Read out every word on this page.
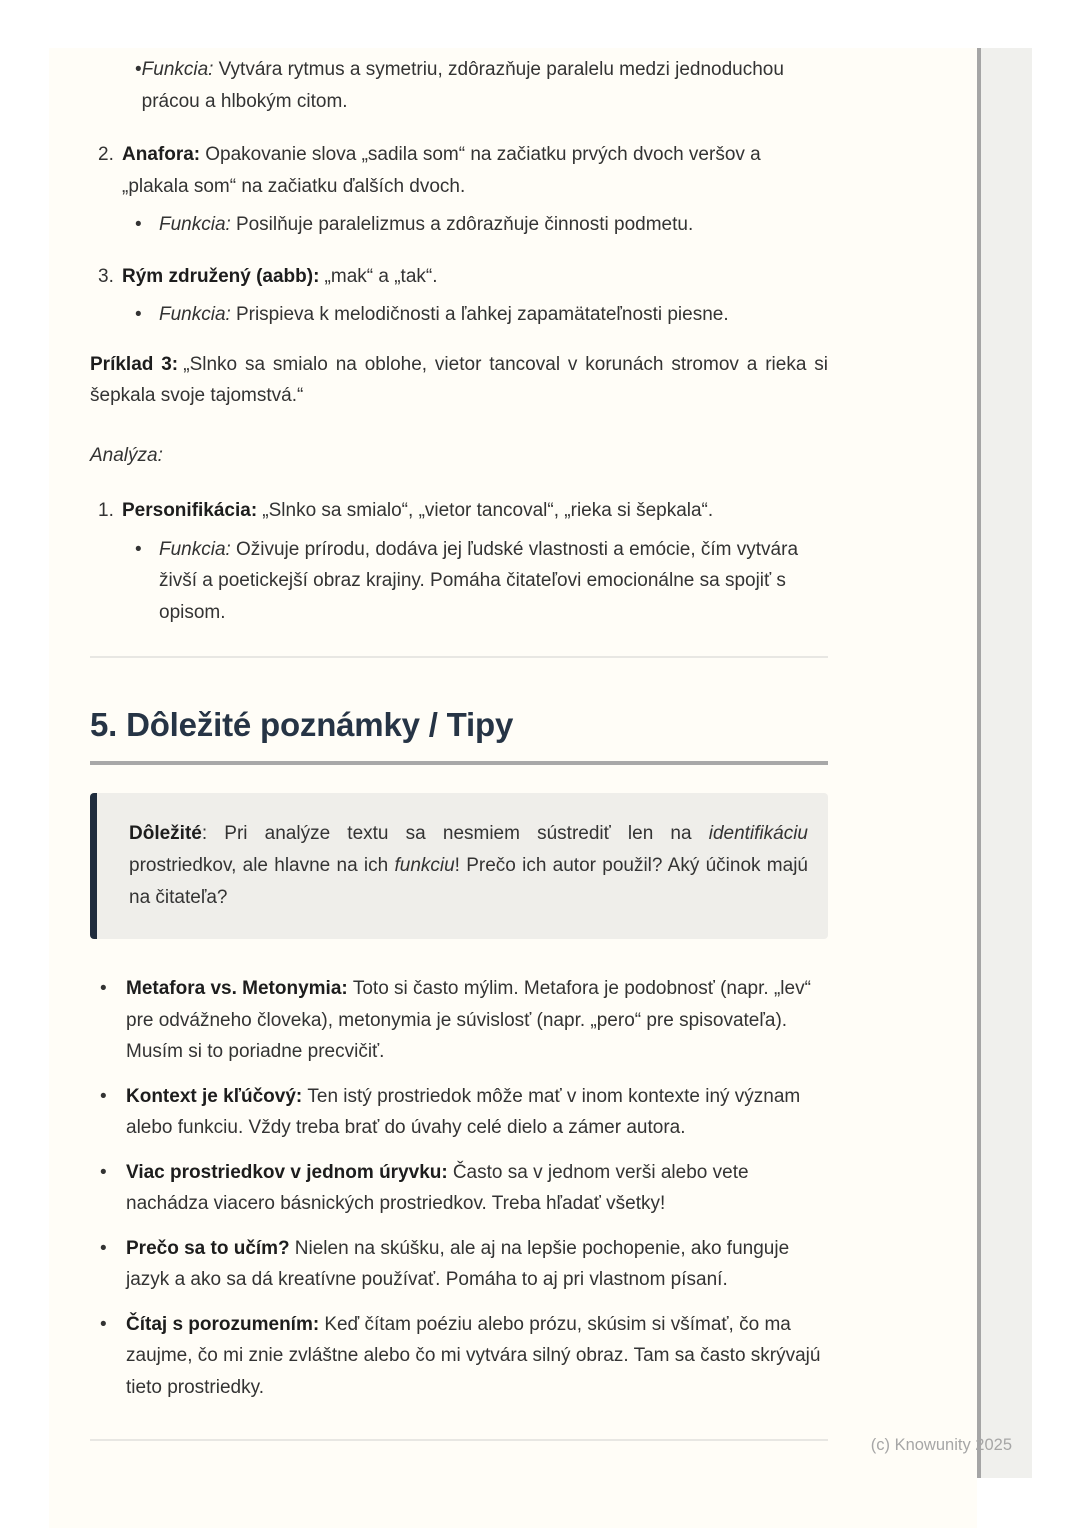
• Funkcia: Vytvára rytmus a symetriu, zdôrazňuje paralelu medzi jednoduchou prácou a hlbokým citom.
2. Anafora: Opakovanie slova „sadila som“ na začiatku prvých dvoch veršov a „plakala som“ na začiatku ďalších dvoch.
• Funkcia: Posilňuje paralelizmus a zdôrazňuje činnosti podmetu.
3. Rým združený (aabb): „mak“ a „tak“.
• Funkcia: Prispieva k melodičnosti a ľahkej zapamätateľnosti piesne.

Príklad 3: „Slnko sa smialo na oblohe, vietor tancoval v korunách stromov a rieka si šepkala svoje tajomstvá.“

Analýza:

1. Personifikácia: „Slnko sa smialo“, „vietor tancoval“, „rieka si šepkala“.
• Funkcia: Oživuje prírodu, dodáva jej ľudské vlastnosti a emócie, čím vytvára živší a poetickejší obraz krajiny. Pomáha čitateľovi emocionálne sa spojiť s opisom.
5. Dôležité poznámky / Tipy

Dôležité: Pri analýze textu sa nesmiem sústrediť len na identifikáciu prostriedkov, ale hlavne na ich funkciu! Prečo ich autor použil? Aký účinok majú na čitateľa?

•	Metafora vs. Metonymia: Toto si často mýlim. Metafora je podobnosť (napr. „lev“ pre odvážneho človeka), metonymia je súvislosť (napr. „pero“ pre spisovateľa). Musím si to poriadne precvičiť.
•	Kontext je kľúčový: Ten istý prostriedok môže mať v inom kontexte iný význam alebo funkciu. Vždy treba brať do úvahy celé dielo a zámer autora.
•	Viac prostriedkov v jednom úryvku: Často sa v jednom verši alebo vete nachádza viacero básnických prostriedkov. Treba hľadať všetky!
•	Prečo sa to učím? Nielen na skúšku, ale aj na lepšie pochopenie, ako funguje jazyk a ako sa dá kreatívne používať. Pomáha to aj pri vlastnom písaní.
•	Čítaj s porozumením: Keď čítam poéziu alebo prózu, skúsim si všímať, čo ma zaujme, čo mi znie zvláštne alebo čo mi vytvára silný obraz. Tam sa často skrývajú tieto prostriedky.
(c) Knowunity 2025
